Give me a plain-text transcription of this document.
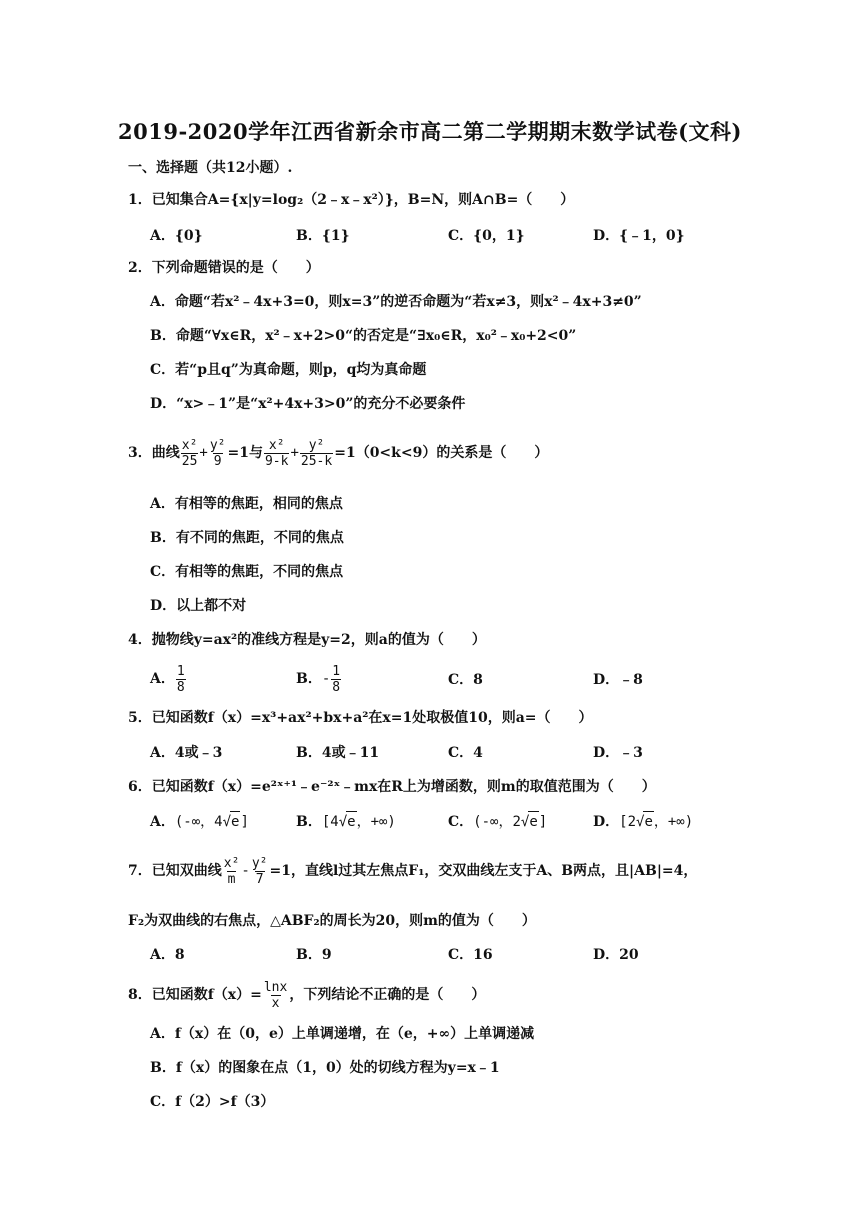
2019-2020学年江西省新余市高二第二学期期末数学试卷(文科)
一、选择题（共12小题）.
1．已知集合A={x|y=log₂（2﹣x﹣x²）}，B=N，则A∩B=（　　）
A．{0}	B．{1}	C．{0，1}	D．{﹣1，0}
2．下列命题错误的是（　　）
A．命题“若x²﹣4x+3=0，则x=3”的逆否命题为“若x≠3，则x²﹣4x+3≠0”
B．命题“∀x∈R，x²﹣x+2>0“的否定是“∃x₀∈R，x₀²﹣x₀+2<0”
C．若“p且q”为真命题，则p，q均为真命题
D．“x>﹣1”是“x²+4x+3>0”的充分不必要条件
3．曲线 $\frac{\text{x²}}{25} + \frac{\text{y²}}{9} =1$与 $\frac{\text{x²}}{9-k} + \frac{\text{y²}}{25-k} =1(0<k<9)$的关系是（　　）
A．有相等的焦距，相同的焦点
B．有不同的焦距，不同的焦点
C．有相等的焦距，不同的焦点
D．以上都不对
4．抛物线y=ax²的准线方程是y=2，则a的值为（　　）
A． $\frac{1}{8}$	B．- $\frac{1}{8}$	C．8	D．﹣8
5．已知函数f（x）=x³+ax²+bx+a²在x=1处取极值10，则a=（　　）
A．4或﹣3	B．4或﹣11	C．4	D．﹣3
6．已知函数f（x）=e²ˣ⁺¹﹣e⁻²ˣ﹣mx在R上为增函数，则m的取值范围为（　　）
A．(-∞，4√e]	B．[4√e，+∞)	C．(-∞，2√e]	D．[2√e，+∞)
7．已知双曲线 $\frac{\text{x²}}{m} - \frac{\text{y²}}{7} =1$，直线l过其左焦点F₁，交双曲线左支于A、B两点，且|AB|=4，
F₂为双曲线的右焦点，△ABF₂的周长为20，则m的值为（　　）
A．8	B．9	C．16	D．20
8．已知函数$f(x)= \frac{\ln x}{x}$ ，下列结论不正确的是（　　）
A．f（x）在（0，e）上单调递增，在（e，+∞）上单调递减
B．f（x）的图象在点（1，0）处的切线方程为y=x﹣1
C．f（2）>f（3）
